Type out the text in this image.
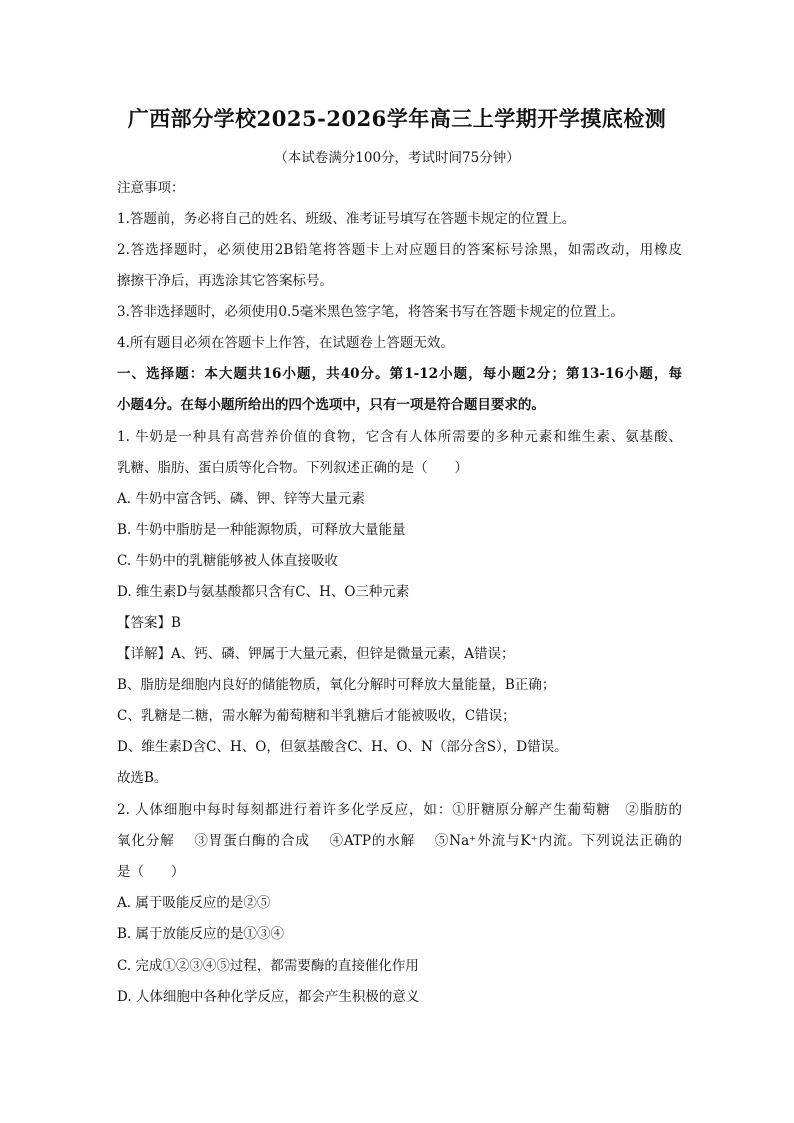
广西部分学校2025-2026学年高三上学期开学摸底检测
（本试卷满分100分，考试时间75分钟）
注意事项：
1.答题前，务必将自己的姓名、班级、准考证号填写在答题卡规定的位置上。
2.答选择题时，必须使用2B铅笔将答题卡上对应题目的答案标号涂黑，如需改动，用橡皮
擦擦干净后，再选涂其它答案标号。
3.答非选择题时，必须使用0.5毫米黑色签字笔，将答案书写在答题卡规定的位置上。
4.所有题目必须在答题卡上作答，在试题卷上答题无效。
一、选择题：本大题共16小题，共40分。第1-12小题，每小题2分；第13-16小题，每
小题4分。在每小题所给出的四个选项中，只有一项是符合题目要求的。
1. 牛奶是一种具有高营养价值的食物，它含有人体所需要的多种元素和维生素、氨基酸、
乳糖、脂肪、蛋白质等化合物。下列叙述正确的是（　　）
A. 牛奶中富含钙、磷、钾、锌等大量元素
B. 牛奶中脂肪是一种能源物质，可释放大量能量
C. 牛奶中的乳糖能够被人体直接吸收
D. 维生素D与氨基酸都只含有C、H、O三种元素
【答案】B
【详解】A、钙、磷、钾属于大量元素，但锌是微量元素，A错误；
B、脂肪是细胞内良好的储能物质，氧化分解时可释放大量能量，B正确；
C、乳糖是二糖，需水解为葡萄糖和半乳糖后才能被吸收，C错误；
D、维生素D含C、H、O，但氨基酸含C、H、O、N（部分含S），D错误。
故选B。
2. 人体细胞中每时每刻都进行着许多化学反应，如：①肝糖原分解产生葡萄糖　②脂肪的
氧化分解　 ③胃蛋白酶的合成　 ④ATP的水解　 ⑤Na⁺外流与K⁺内流。下列说法正确的
是（　　）
A. 属于吸能反应的是②⑤
B. 属于放能反应的是①③④
C. 完成①②③④⑤过程，都需要酶的直接催化作用
D. 人体细胞中各种化学反应，都会产生积极的意义
